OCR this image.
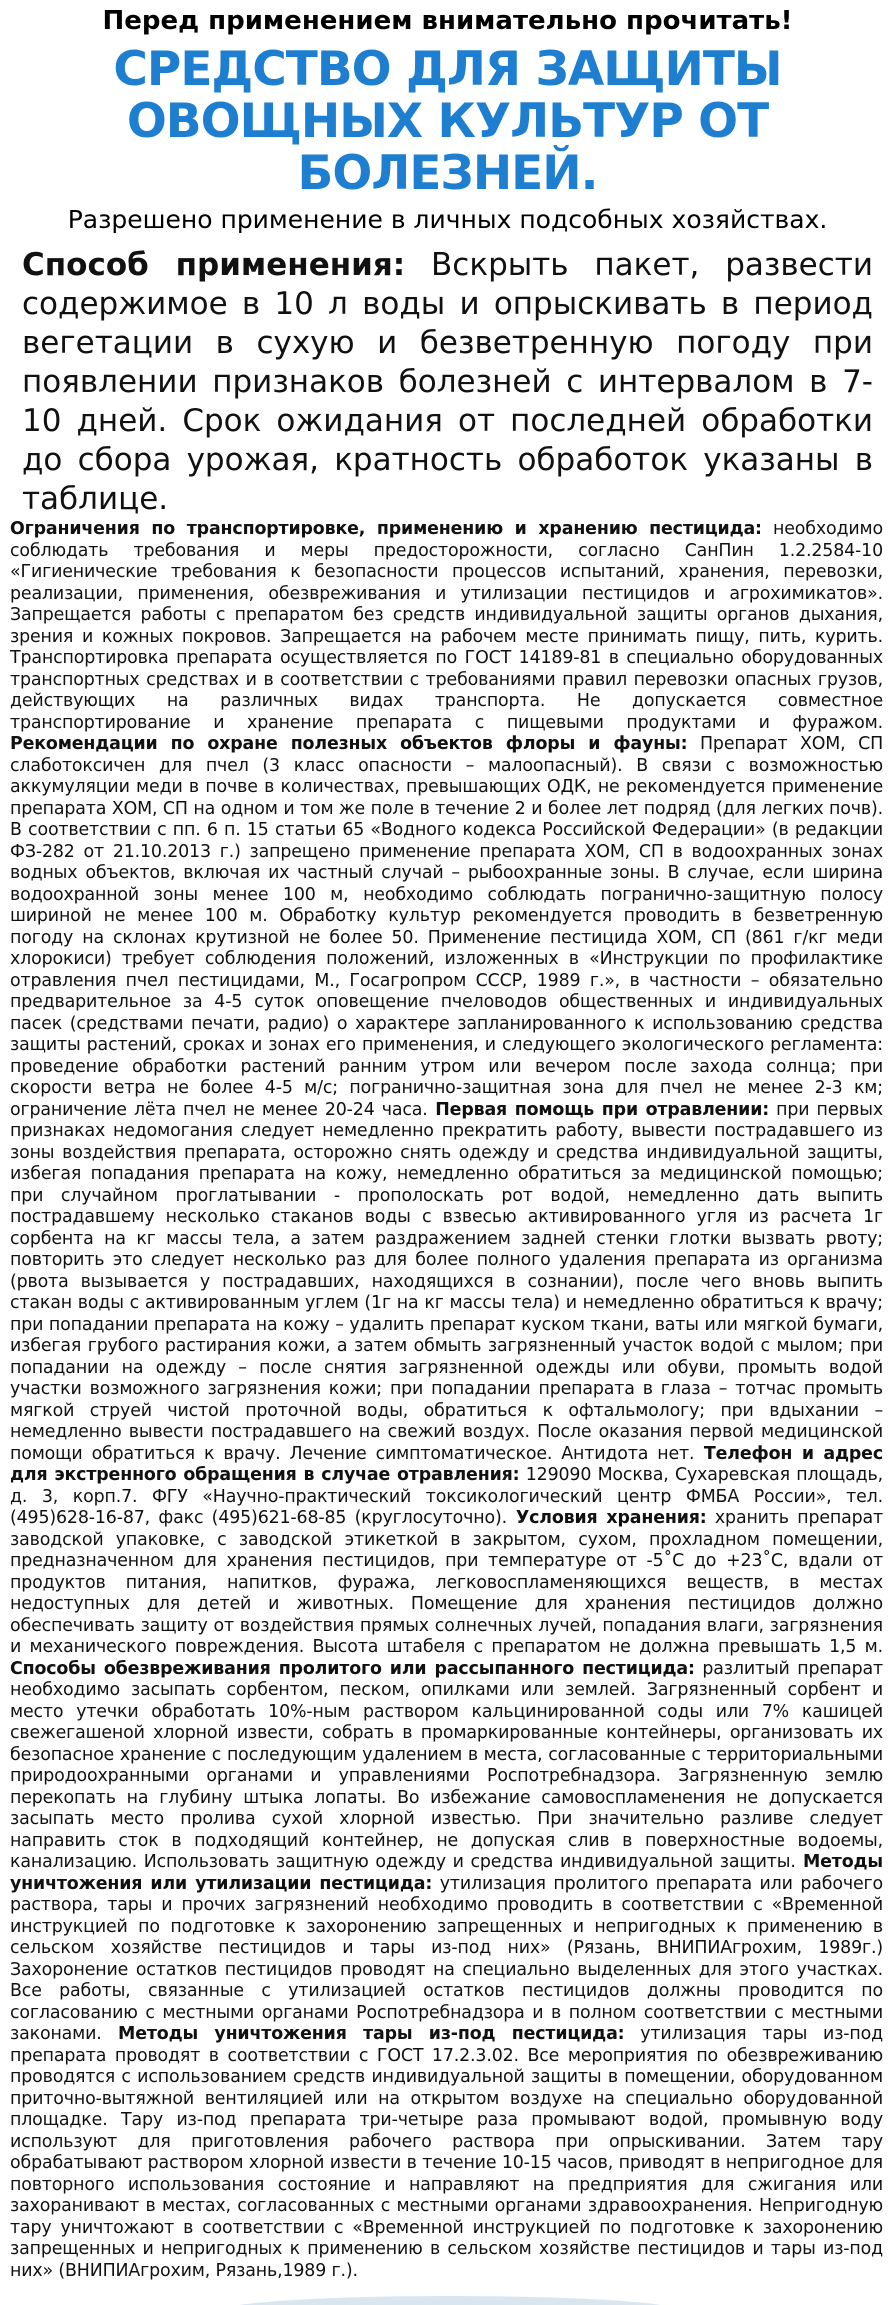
Перед применением внимательно прочитать!

СРЕДСТВО ДЛЯ ЗАЩИТЫ
ОВОЩНЫХ КУЛЬТУР ОТ БОЛЕЗНЕЙ.

Разрешено применение в личных подсобных хозяйствах.

Способ применения: Вскрыть пакет, развести содержимое в 10 л воды и опрыскивать в период вегетации в сухую и безветренную погоду при появлении признаков болезней с интервалом в 7-10 дней. Срок ожидания от последней обработки до сбора урожая, кратность обработок указаны в таблице.

Ограничения по транспортировке, применению и хранению пестицида: необходимо соблюдать требования и меры предосторожности, согласно СанПин 1.2.2584-10 «Гигиенические требования к безопасности процессов испытаний, хранения, перевозки, реализации, применения, обезвреживания и утилизации пестицидов и агрохимикатов». Запрещается работы с препаратом без средств индивидуальной защиты органов дыхания, зрения и кожных покровов. Запрещается на рабочем месте принимать пищу, пить, курить. Транспортировка препарата осуществляется по ГОСТ 14189-81 в специально оборудованных транспортных средствах и в соответствии с требованиями правил перевозки опасных грузов, действующих на различных видах транспорта. Не допускается совместное транспортирование и хранение препарата с пищевыми продуктами и фуражом. Рекомендации по охране полезных объектов флоры и фауны: Препарат ХОМ, СП слаботоксичен для пчел (3 класс опасности – малоопасный). В связи с возможностью аккумуляции меди в почве в количествах, превышающих ОДК, не рекомендуется применение препарата ХОМ, СП на одном и том же поле в течение 2 и более лет подряд (для легких почв). В соответствии с пп. 6 п. 15 статьи 65 «Водного кодекса Российской Федерации» (в редакции ФЗ-282 от 21.10.2013 г.) запрещено применение препарата ХОМ, СП в водоохранных зонах водных объектов, включая их частный случай – рыбоохранные зоны. В случае, если ширина водоохранной зоны менее 100 м, необходимо соблюдать погранично-защитную полосу шириной не менее 100 м. Обработку культур рекомендуется проводить в безветренную погоду на склонах крутизной не более 50. Применение пестицида ХОМ, СП (861 г/кг меди хлорокиси) требует соблюдения положений, изложенных в «Инструкции по профилактике отравления пчел пестицидами, М., Госагропром СССР, 1989 г.», в частности – обязательно предварительное за 4-5 суток оповещение пчеловодов общественных и индивидуальных пасек (средствами печати, радио) о характере запланированного к использованию средства защиты растений, сроках и зонах его применения, и следующего экологического регламента: проведение обработки растений ранним утром или вечером после захода солнца; при скорости ветра не более 4-5 м/с; пограничнo-защитная зона для пчел не менее 2-3 км; ограничение лёта пчел не менее 20-24 часа. Первая помощь при отравлении: при первых признаках недомогания следует немедленно прекратить работу, вывести пострадавшего из зоны воздействия препарата, осторожно снять одежду и средства индивидуальной защиты, избегая попадания препарата на кожу, немедленно обратиться за медицинской помощью; при случайном проглатывании - прополоскать рот водой, немедленно дать выпить пострадавшему несколько стаканов воды с взвесью активированного угля из расчета 1г сорбента на кг массы тела, а затем раздражением задней стенки глотки вызвать рвоту; повторить это следует несколько раз для более полного удаления препарата из организма (рвота вызывается у пострадавших, находящихся в сознании), после чего вновь выпить стакан воды с активированным углем (1г на кг массы тела) и немедленно обратиться к врачу; при попадании препарата на кожу – удалить препарат куском ткани, ваты или мягкой бумаги, избегая грубого растирания кожи, а затем обмыть загрязненный участок водой с мылом; при попадании на одежду – после снятия загрязненной одежды или обуви, промыть водой участки возможного загрязнения кожи; при попадании препарата в глаза – тотчас промыть мягкой струей чистой проточной воды, обратиться к офтальмологу; при вдыхании – немедленно вывести пострадавшего на свежий воздух. После оказания первой медицинской помощи обратиться к врачу. Лечение симптоматическое. Антидота нет. Телефон и адрес для экстренного обращения в случае отравления: 129090 Москва, Сухаревская площадь, д. 3, корп.7. ФГУ «Научно-практический токсикологический центр ФМБА России», тел. (495)628-16-87, факс (495)621-68-85 (круглосуточно). Условия хранения: хранить препарат заводской упаковке, с заводской этикеткой в закрытом, сухом, прохладном помещении, предназначенном для хранения пестицидов, при температуре от -5˚С до +23˚С, вдали от продуктов питания, напитков, фуража, легковоспламеняющихся веществ, в местах недоступных для детей и животных. Помещение для хранения пестицидов должно обеспечивать защиту от воздействия прямых солнечных лучей, попадания влаги, загрязнения и механического повреждения. Высота штабеля с препаратом не должна превышать 1,5 м. Способы обезвреживания пролитого или рассыпанного пестицида: разлитый препарат необходимо засыпать сорбентом, песком, опилками или землей. Загрязненный сорбент и место утечки обработать 10%-ным раствором кальцинированной соды или 7% кашицей свежегашеной хлорной извести, собрать в промаркированные контейнеры, организовать их безопасное хранение с последующим удалением в места, согласованные с территориальными природоохранными органами и управлениями Роспотребнадзора. Загрязненную землю перекопать на глубину штыка лопаты. Во избежание самовоспламенения не допускается засыпать место пролива сухой хлорной известью. При значительно разливе следует направить сток в подходящий контейнер, не допуская слив в поверхностные водоемы, канализацию. Использовать защитную одежду и средства индивидуальной защиты. Методы уничтожения или утилизации пестицида: утилизация пролитого препарата или рабочего раствора, тары и прочих загрязнений необходимо проводить в соответствии с «Временной инструкцией по подготовке к захоронению запрещенных и непригодных к применению в сельском хозяйстве пестицидов и тары из-под них» (Рязань, ВНИПИАгрохим, 1989г.) Захоронение остатков пестицидов проводят на специально выделенных для этого участках. Все работы, связанные с утилизацией остатков пестицидов должны проводится по согласованию с местными органами Роспотребнадзора и в полном соответствии с местными законами. Методы уничтожения тары из-под пестицида: утилизация тары из-под препарата проводят в соответствии с ГОСТ 17.2.3.02. Все мероприятия по обезвреживанию проводятся с использованием средств индивидуальной защиты в помещении, оборудованном приточно-вытяжной вентиляцией или на открытом воздухе на специально оборудованной площадке. Тару из-под препарата три-четыре раза промывают водой, промывную воду используют для приготовления рабочего раствора при опрыскивании. Затем тару обрабатывают раствором хлорной извести в течение 10-15 часов, приводят в непригодное для повторного использования состояние и направляют на предприятия для сжигания или захоранивают в местах, согласованных с местными органами здравоохранения. Непригодную тару уничтожают в соответствии с «Временной инструкцией по подготовке к захоронению запрещенных и непригодных к применению в сельском хозяйстве пестицидов и тары из-под них» (ВНИПИАгрохим, Рязань,1989 г.).
